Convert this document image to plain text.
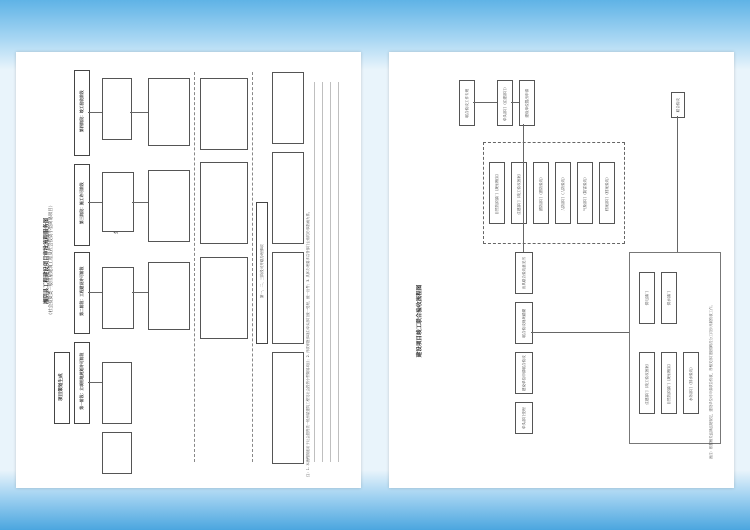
湘阴县工程建设项目审批流程服务图 （社会投资类一般房屋建筑工程及社会投资小型简易项目）
项目策划生成	第一阶段：立项用地规划许可阶段
第二阶段：工程建设许可阶段
第三阶段：施工许可阶段
第四阶段：竣工验收阶段
第一、二、三阶段可并联办理事项	注：1. 本流程图适用于社会投资类一般房屋建筑工程及社会投资小型简易项目；2. 并联审批事项由牵头部门统一受理、统一出件；3. 具体办理要求以各部门公布的办事指南为准。	建设项目竣工联合验收流程图
建设单位申请联合验收
牵头部门受理
联合验收现场踏勘
出具联合验收意见书
联合验收工作专班	牵头部门（住建部门）	建设单位提出申请
自然资源部门（规划核实）	住建部门（竣工验收备案）	消防部门（消防验收）	人防部门（人防验收）	气象部门（防雷验收）	档案部门（档案验收）
联合验收
住建部门（竣工验收备案）	自然资源部门（规划核实）	水务部门（排水验收）
供电部门	供水部门
备注：根据相关法律法规规定，建设单位可申请联合验收，各相关部门按照职责分工同步开展验收工作。
